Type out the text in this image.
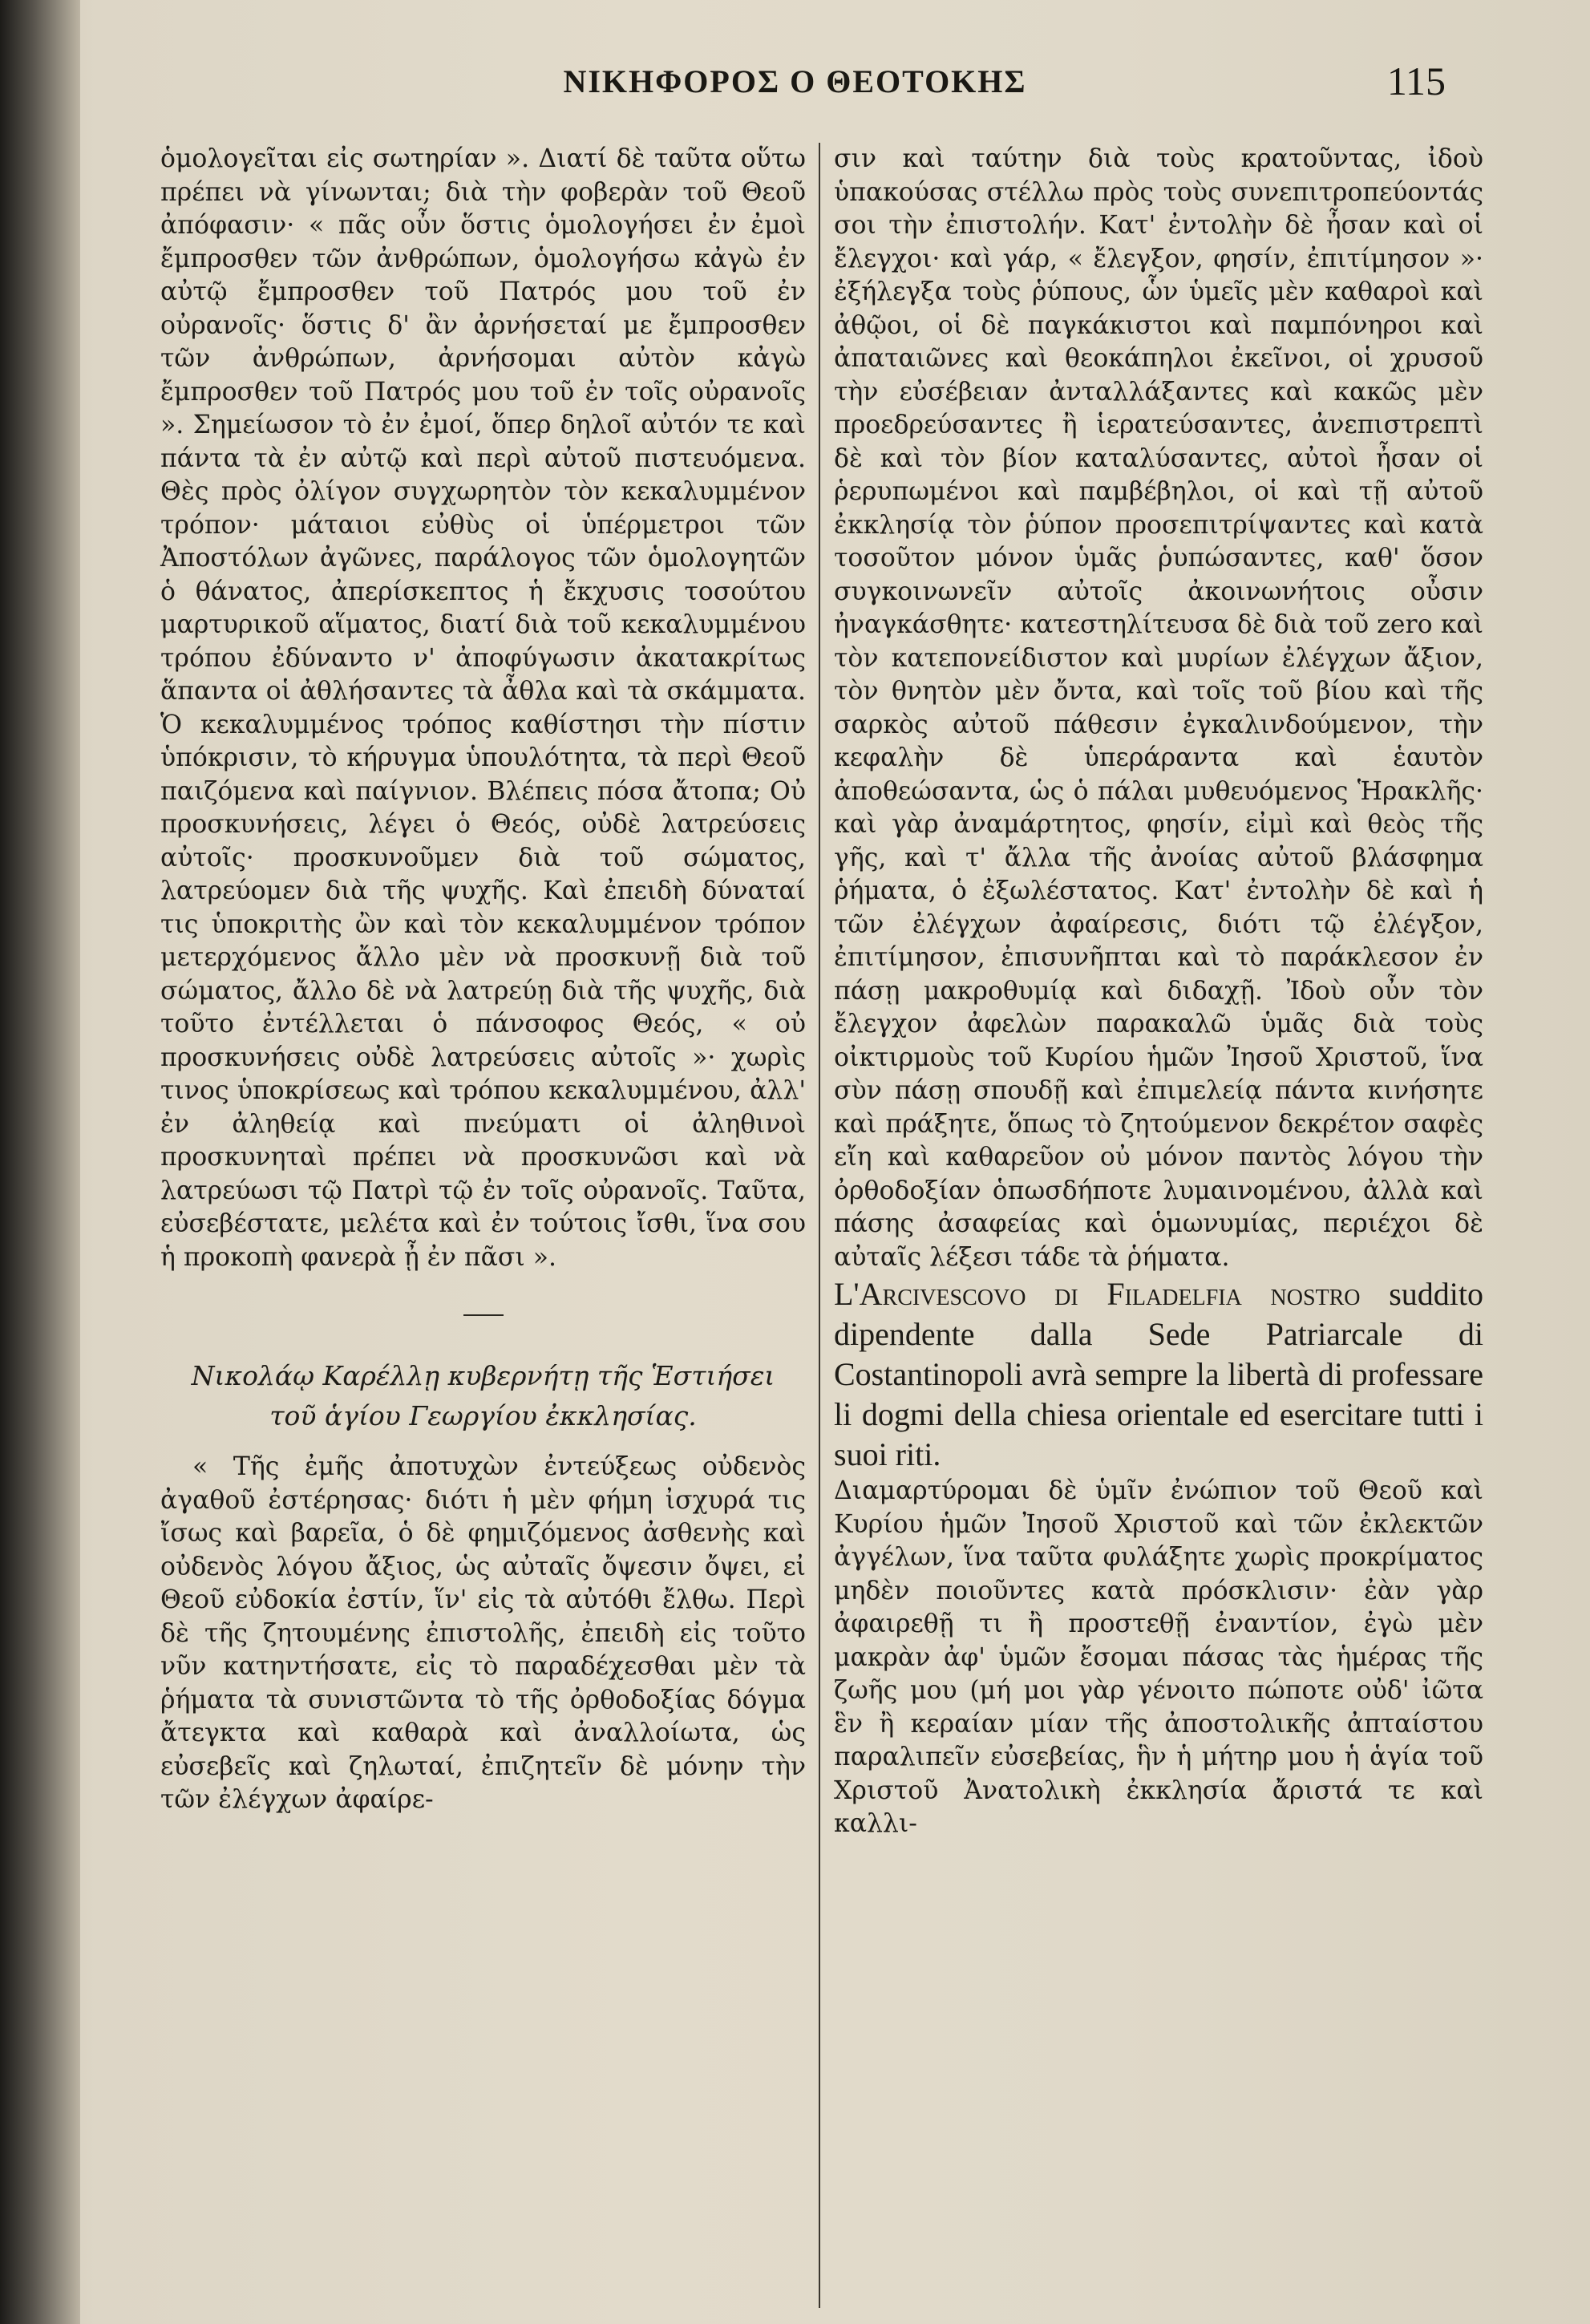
ΝΙΚΗΦΟΡΟΣ Ο ΘΕΟΤΟΚΗΣ	115

ὁμολογεῖται εἰς σωτηρίαν ». Διατί δὲ ταῦτα οὕτω πρέπει νὰ γίνωνται; διὰ τὴν φοβερὰν τοῦ Θεοῦ ἀπόφασιν· « πᾶς οὖν ὅστις ὁμολογήσει ἐν ἐμοὶ ἔμπροσθεν τῶν ἀνθρώπων, ὁμολογήσω κἀγὼ ἐν αὐτῷ ἔμπροσθεν τοῦ Πατρός μου τοῦ ἐν οὐρανοῖς· ὅστις δ' ἂν ἀρνήσεταί με ἔμπροσθεν τῶν ἀνθρώπων, ἀρνήσομαι αὐτὸν κἀγὼ ἔμπροσθεν τοῦ Πατρός μου τοῦ ἐν τοῖς οὐρανοῖς ». Σημείωσον τὸ ἐν ἐμοί, ὅπερ δηλοῖ αὐτόν τε καὶ πάντα τὰ ἐν αὐτῷ καὶ περὶ αὐτοῦ πιστευόμενα. Θὲς πρὸς ὀλίγον συγχωρητὸν τὸν κεκαλυμμένον τρόπον· μάταιοι εὐθὺς οἱ ὑπέρμετροι τῶν Ἀποστόλων ἀγῶνες, παράλογος τῶν ὁμολογητῶν ὁ θάνατος, ἀπερίσκεπτος ἡ ἔκχυσις τοσούτου μαρτυρικοῦ αἵματος, διατί διὰ τοῦ κεκαλυμμένου τρόπου ἐδύναντο ν' ἀποφύγωσιν ἀκατακρίτως ἅπαντα οἱ ἀθλήσαντες τὰ ἆθλα καὶ τὰ σκάμματα. Ὁ κεκαλυμμένος τρόπος καθίστησι τὴν πίστιν ὑπόκρισιν, τὸ κήρυγμα ὑπουλότητα, τὰ περὶ Θεοῦ παιζόμενα καὶ παίγνιον. Βλέπεις πόσα ἄτοπα; Οὐ προσκυνήσεις, λέγει ὁ Θεός, οὐδὲ λατρεύσεις αὐτοῖς· προσκυνοῦμεν διὰ τοῦ σώματος, λατρεύομεν διὰ τῆς ψυχῆς. Καὶ ἐπειδὴ δύναταί τις ὑποκριτὴς ὢν καὶ τὸν κεκαλυμμένον τρόπον μετερχόμενος ἄλλο μὲν νὰ προσκυνῇ διὰ τοῦ σώματος, ἄλλο δὲ νὰ λατρεύῃ διὰ τῆς ψυχῆς, διὰ τοῦτο ἐντέλλεται ὁ πάνσοφος Θεός, « οὐ προσκυνήσεις οὐδὲ λατρεύσεις αὐτοῖς »· χωρὶς τινος ὑποκρίσεως καὶ τρόπου κεκαλυμμένου, ἀλλ' ἐν ἀληθείᾳ καὶ πνεύματι οἱ ἀληθινοὶ προσκυνηταὶ πρέπει νὰ προσκυνῶσι καὶ νὰ λατρεύωσι τῷ Πατρὶ τῷ ἐν τοῖς οὐρανοῖς. Ταῦτα, εὐσεβέστατε, μελέτα καὶ ἐν τούτοις ἴσθι, ἵνα σου ἡ προκοπὴ φανερὰ ᾖ ἐν πᾶσι ».

Νικολάῳ Καρέλλῃ κυβερνήτῃ τῆς Ἑστιήσει τοῦ ἁγίου Γεωργίου ἐκκλησίας.

« Τῆς ἐμῆς ἀποτυχὼν ἐντεύξεως οὐδενὸς ἀγαθοῦ ἐστέρησας· διότι ἡ μὲν φήμη ἰσχυρά τις ἴσως καὶ βαρεῖα, ὁ δὲ φημιζόμενος ἀσθενὴς καὶ οὐδενὸς λόγου ἄξιος, ὡς αὐταῖς ὄψεσιν ὄψει, εἰ Θεοῦ εὐδοκία ἐστίν, ἵν' εἰς τὰ αὐτόθι ἔλθω. Περὶ δὲ τῆς ζητουμένης ἐπιστολῆς, ἐπειδὴ εἰς τοῦτο νῦν κατηντήσατε, εἰς τὸ παραδέχεσθαι μὲν τὰ ῥήματα τὰ συνιστῶντα τὸ τῆς ὀρθοδοξίας δόγμα ἄτεγκτα καὶ καθαρὰ καὶ ἀναλλοίωτα, ὡς εὐσεβεῖς καὶ ζηλωταί, ἐπιζητεῖν δὲ μόνην τὴν τῶν ἐλέγχων ἀφαίρε-

σιν καὶ ταύτην διὰ τοὺς κρατοῦντας, ἰδοὺ ὑπακούσας στέλλω πρὸς τοὺς συνεπιτροπεύοντάς σοι τὴν ἐπιστολήν. Κατ' ἐντολὴν δὲ ἦσαν καὶ οἱ ἔλεγχοι· καὶ γάρ, « ἔλεγξον, φησίν, ἐπιτίμησον »· ἐξήλεγξα τοὺς ῥύπους, ὧν ὑμεῖς μὲν καθαροὶ καὶ ἀθῷοι, οἱ δὲ παγκάκιστοι καὶ παμπόνηροι καὶ ἀπαταιῶνες καὶ θεοκάπηλοι ἐκεῖνοι, οἱ χρυσοῦ τὴν εὐσέβειαν ἀνταλλάξαντες καὶ κακῶς μὲν προεδρεύσαντες ἢ ἱερατεύσαντες, ἀνεπιστρεπτὶ δὲ καὶ τὸν βίον καταλύσαντες, αὐτοὶ ἦσαν οἱ ῥερυπωμένοι καὶ παμβέβηλοι, οἱ καὶ τῇ αὐτοῦ ἐκκλησίᾳ τὸν ῥύπον προσεπιτρίψαντες καὶ κατὰ τοσοῦτον μόνον ὑμᾶς ῥυπώσαντες, καθ' ὅσον συγκοινωνεῖν αὐτοῖς ἀκοινωνήτοις οὖσιν ἠναγκάσθητε· κατεστηλίτευσα δὲ διὰ τοῦ zero καὶ τὸν κατεπονείδιστον καὶ μυρίων ἐλέγχων ἄξιον, τὸν θνητὸν μὲν ὄντα, καὶ τοῖς τοῦ βίου καὶ τῆς σαρκὸς αὐτοῦ πάθεσιν ἐγκαλινδούμενον, τὴν κεφαλὴν δὲ ὑπεράραντα καὶ ἑαυτὸν ἀποθεώσαντα, ὡς ὁ πάλαι μυθευόμενος Ἡρακλῆς· καὶ γὰρ ἀναμάρτητος, φησίν, εἰμὶ καὶ θεὸς τῆς γῆς, καὶ τ' ἄλλα τῆς ἀνοίας αὐτοῦ βλάσφημα ῥήματα, ὁ ἐξωλέστατος. Κατ' ἐντολὴν δὲ καὶ ἡ τῶν ἐλέγχων ἀφαίρεσις, διότι τῷ ἐλέγξον, ἐπιτίμησον, ἐπισυνῆπται καὶ τὸ παράκλεσον ἐν πάσῃ μακροθυμίᾳ καὶ διδαχῇ. Ἰδοὺ οὖν τὸν ἔλεγχον ἀφελὼν παρακαλῶ ὑμᾶς διὰ τοὺς οἰκτιρμοὺς τοῦ Κυρίου ἡμῶν Ἰησοῦ Χριστοῦ, ἵνα σὺν πάσῃ σπουδῇ καὶ ἐπιμελείᾳ πάντα κινήσητε καὶ πράξητε, ὅπως τὸ ζητούμενον δεκρέτον σαφὲς εἴη καὶ καθαρεῦον οὐ μόνον παντὸς λόγου τὴν ὀρθοδοξίαν ὁπωσδήποτε λυμαινομένου, ἀλλὰ καὶ πάσης ἀσαφείας καὶ ὁμωνυμίας, περιέχοι δὲ αὐταῖς λέξεσι τάδε τὰ ῥήματα.

L'Arcivescovo di Filadelfia nostro suddito dipendente dalla Sede Patriarcale di Costantinopoli avrà sempre la libertà di professare li dogmi della chiesa orientale ed esercitare tutti i suoi riti.

Διαμαρτύρομαι δὲ ὑμῖν ἐνώπιον τοῦ Θεοῦ καὶ Κυρίου ἡμῶν Ἰησοῦ Χριστοῦ καὶ τῶν ἐκλεκτῶν ἀγγέλων, ἵνα ταῦτα φυλάξητε χωρὶς προκρίματος μηδὲν ποιοῦντες κατὰ πρόσκλισιν· ἐὰν γὰρ ἀφαιρεθῇ τι ἢ προστεθῇ ἐναντίον, ἐγὼ μὲν μακρὰν ἀφ' ὑμῶν ἔσομαι πάσας τὰς ἡμέρας τῆς ζωῆς μου (μή μοι γὰρ γένοιτο πώποτε οὐδ' ἰῶτα ἓν ἢ κεραίαν μίαν τῆς ἀποστολικῆς ἀπταίστου παραλιπεῖν εὐσεβείας, ἣν ἡ μήτηρ μου ἡ ἁγία τοῦ Χριστοῦ Ἀνατολικὴ ἐκκλησία ἄριστά τε καὶ καλλι-
